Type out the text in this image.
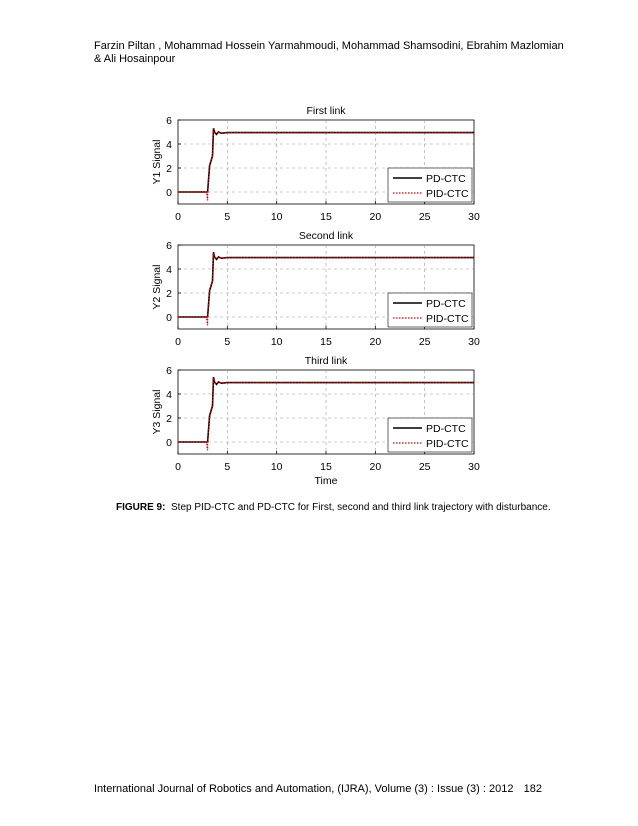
Farzin Piltan , Mohammad Hossein Yarmahmoudi, Mohammad Shamsodini, Ebrahim Mazlomian & Ali Hosainpour
0	5	10	15	20	25	30
0
2
4
6
First link
Y1 Signal	PD-CTC
PID-CTC
0	5	10	15	20	25	30
0
2
4
6
Second link
Y2 Signal	PD-CTC
PID-CTC
0	5	10	15	20	25	30
0
2
4
6
Third link
Y3 Signal
Time
PD-CTC
PID-CTC
FIGURE 9: Step PID-CTC and PD-CTC for First, second and third link trajectory with disturbance.
International Journal of Robotics and Automation, (IJRA), Volume (3) : Issue (3) : 2012 182
